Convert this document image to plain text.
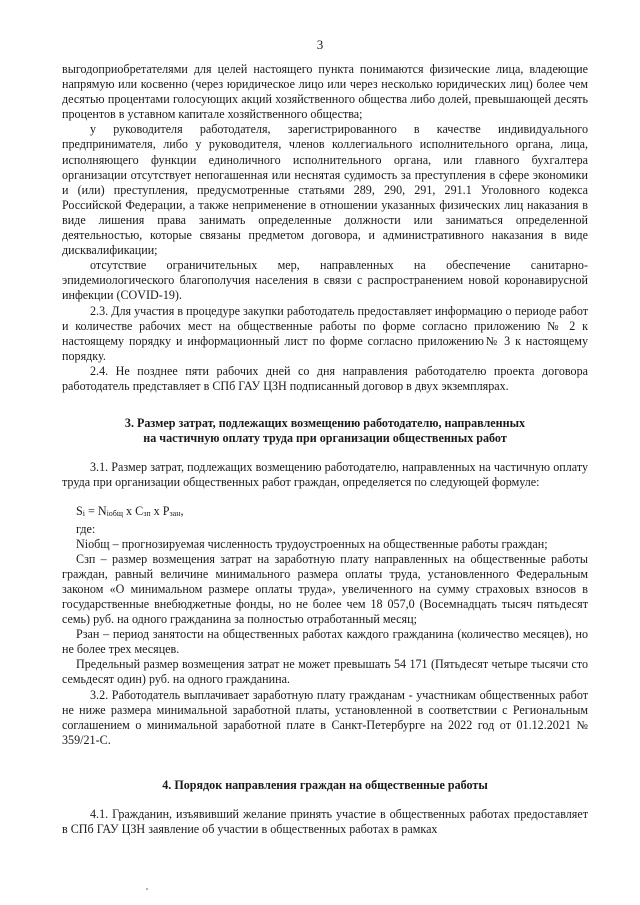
3

выгодоприобретателями для целей настоящего пункта понимаются физические лица, владеющие напрямую или косвенно (через юридическое лицо или через несколько юридических лиц) более чем десятью процентами голосующих акций хозяйственного общества либо долей, превышающей десять процентов в уставном капитале хозяйственного общества;

у руководителя работодателя, зарегистрированного в качестве индивидуального предпринимателя, либо у руководителя, членов коллегиального исполнительного органа, лица, исполняющего функции единоличного исполнительного органа, или главного бухгалтера организации отсутствует непогашенная или неснятая судимость за преступления в сфере экономики и (или) преступления, предусмотренные статьями 289, 290, 291, 291.1 Уголовного кодекса Российской Федерации, а также неприменение в отношении указанных физических лиц наказания в виде лишения права занимать определенные должности или заниматься определенной деятельностью, которые связаны предметом договора, и административного наказания в виде дисквалификации;

отсутствие ограничительных мер, направленных на обеспечение санитарно-эпидемиологического благополучия населения в связи с распространением новой коронавирусной инфекции (COVID-19).

2.3. Для участия в процедуре закупки работодатель предоставляет информацию о периоде работ и количестве рабочих мест на общественные работы по форме согласно приложению № 2 к настоящему порядку и информационный лист по форме согласно приложению№ 3 к настоящему порядку.

2.4. Не позднее пяти рабочих дней со дня направления работодателю проекта договора работодатель представляет в СПб ГАУ ЦЗН подписанный договор в двух экземплярах.

3. Размер затрат, подлежащих возмещению работодателю, направленных

на частичную оплату труда при организации общественных работ

3.1. Размер затрат, подлежащих возмещению работодателю, направленных на частичную оплату труда при организации общественных работ граждан, определяется по следующей формуле:

$S_i = N_{iобщ}$ х $C_{зп}$ х $P_{зан}$,

где:

Niобщ – прогнозируемая численность трудоустроенных на общественные работы граждан;

Сзп – размер возмещения затрат на заработную плату направленных на общественные работы граждан, равный величине минимального размера оплаты труда, установленного Федеральным законом «О минимальном размере оплаты труда», увеличенного на сумму страховых взносов в государственные внебюджетные фонды, но не более чем 18 057,0 (Восемнадцать тысяч пятьдесят семь) руб. на одного гражданина за полностью отработанный месяц;

Рзан – период занятости на общественных работах каждого гражданина (количество месяцев), но не более трех месяцев.

Предельный размер возмещения затрат не может превышать 54 171 (Пятьдесят четыре тысячи сто семьдесят один) руб. на одного гражданина.

3.2. Работодатель выплачивает заработную плату гражданам - участникам общественных работ не ниже размера минимальной заработной платы, установленной в соответствии с Региональным соглашением о минимальной заработной плате в Санкт-Петербурге на 2022 год от 01.12.2021 № 359/21-С.

4. Порядок направления граждан на общественные работы

4.1. Гражданин, изъявивший желание принять участие в общественных работах предоставляет в СПб ГАУ ЦЗН заявление об участии в общественных работах в рамках
